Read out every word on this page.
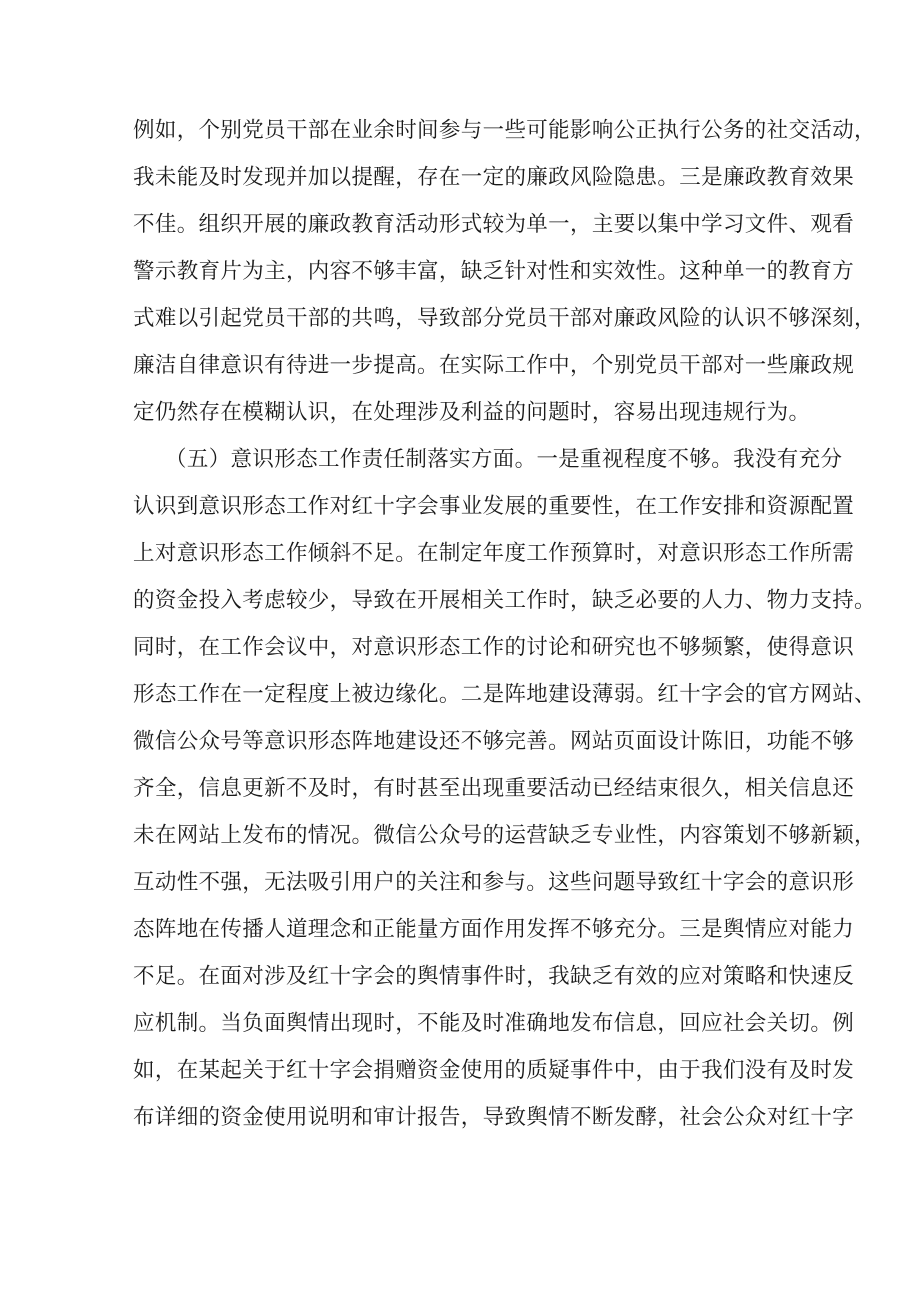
例如，个别党员干部在业余时间参与一些可能影响公正执行公务的社交活动，
我未能及时发现并加以提醒，存在一定的廉政风险隐患。三是廉政教育效果
不佳。组织开展的廉政教育活动形式较为单一，主要以集中学习文件、观看
警示教育片为主，内容不够丰富，缺乏针对性和实效性。这种单一的教育方
式难以引起党员干部的共鸣，导致部分党员干部对廉政风险的认识不够深刻，
廉洁自律意识有待进一步提高。在实际工作中，个别党员干部对一些廉政规
定仍然存在模糊认识，在处理涉及利益的问题时，容易出现违规行为。
（五）意识形态工作责任制落实方面。一是重视程度不够。我没有充分
认识到意识形态工作对红十字会事业发展的重要性，在工作安排和资源配置
上对意识形态工作倾斜不足。在制定年度工作预算时，对意识形态工作所需
的资金投入考虑较少，导致在开展相关工作时，缺乏必要的人力、物力支持。
同时，在工作会议中，对意识形态工作的讨论和研究也不够频繁，使得意识
形态工作在一定程度上被边缘化。二是阵地建设薄弱。红十字会的官方网站、
微信公众号等意识形态阵地建设还不够完善。网站页面设计陈旧，功能不够
齐全，信息更新不及时，有时甚至出现重要活动已经结束很久，相关信息还
未在网站上发布的情况。微信公众号的运营缺乏专业性，内容策划不够新颖，
互动性不强，无法吸引用户的关注和参与。这些问题导致红十字会的意识形
态阵地在传播人道理念和正能量方面作用发挥不够充分。三是舆情应对能力
不足。在面对涉及红十字会的舆情事件时，我缺乏有效的应对策略和快速反
应机制。当负面舆情出现时，不能及时准确地发布信息，回应社会关切。例
如，在某起关于红十字会捐赠资金使用的质疑事件中，由于我们没有及时发
布详细的资金使用说明和审计报告，导致舆情不断发酵，社会公众对红十字
